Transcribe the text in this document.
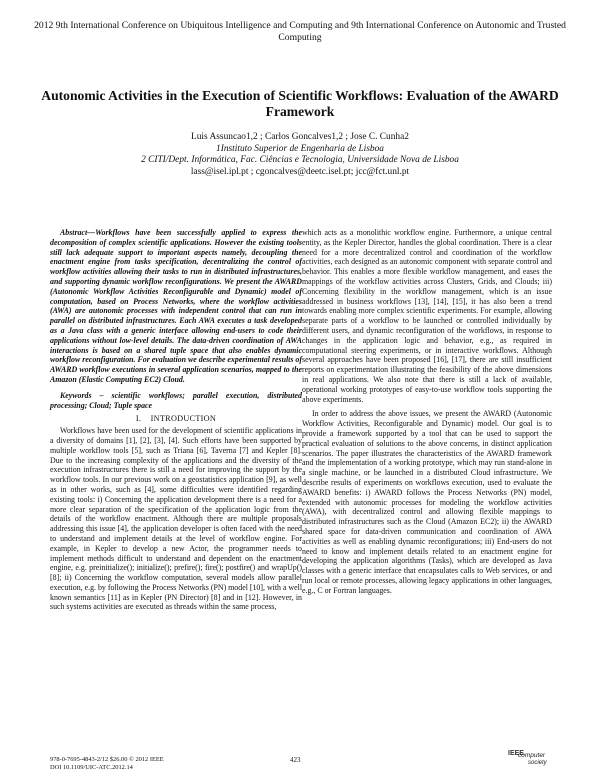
2012 9th International Conference on Ubiquitous Intelligence and Computing and 9th International Conference on Autonomic and Trusted Computing
Autonomic Activities in the Execution of Scientific Workflows: Evaluation of the AWARD Framework
Luis Assuncao1,2 ; Carlos Goncalves1,2 ; Jose C. Cunha2
1Instituto Superior de Engenharia de Lisboa
2 CITI/Dept. Informática, Fac. Ciências e Tecnologia, Universidade Nova de Lisboa
lass@isel.ipl.pt ; cgoncalves@deetc.isel.pt; jcc@fct.unl.pt

Abstract—Workflows have been successfully applied to express the decomposition of complex scientific applications. However the existing tools still lack adequate support to important aspects namely, decoupling the enactment engine from tasks specification, decentralizing the control of workflow activities allowing their tasks to run in distributed infrastructures, and supporting dynamic workflow reconfigurations. We present the AWARD (Autonomic Workflow Activities Reconfigurable and Dynamic) model of computation, based on Process Networks, where the workflow activities (AWA) are autonomic processes with independent control that can run in parallel on distributed infrastructures. Each AWA executes a task developed as a Java class with a generic interface allowing end-users to code their applications without low-level details. The data-driven coordination of AWA interactions is based on a shared tuple space that also enables dynamic workflow reconfiguration. For evaluation we describe experimental results of AWARD workflow executions in several application scenarios, mapped to the Amazon (Elastic Computing EC2) Cloud.

Keywords – scientific workflows; parallel execution, distributed processing; Cloud; Tuple space

I. INTRODUCTION

Workflows have been used for the development of scientific applications in a diversity of domains [1], [2], [3], [4]. Such efforts have been supported by multiple workflow tools [5], such as Triana [6], Taverna [7] and Kepler [8]. Due to the increasing complexity of the applications and the diversity of the execution infrastructures there is still a need for improving the support by the workflow tools. In our previous work on a geostatistics application [9], as well as in other works, such as [4], some difficulties were identified regarding existing tools: i) Concerning the application development there is a need for a more clear separation of the specification of the application logic from the details of the workflow enactment. Although there are multiple proposals addressing this issue [4], the application developer is often faced with the need to understand and implement details at the level of workflow engine. For example, in Kepler to develop a new Actor, the programmer needs to implement methods difficult to understand and dependent on the enactment engine, e.g. preinitialize(); initialize(); prefire(); fire(); postfire() and wrapUp() [8]; ii) Concerning the workflow computation, several models allow parallel execution, e.g. by following the Process Networks (PN) model [10], with a well known semantics [11] as in Kepler (PN Director) [8] and in [12]. However, in such systems activities are executed as threads within the same process,

which acts as a monolithic workflow engine. Furthermore, a unique central entity, as the Kepler Director, handles the global coordination. There is a clear need for a more decentralized control and coordination of the workflow activities, each designed as an autonomic component with separate control and behavior. This enables a more flexible workflow management, and eases the mappings of the workflow activities across Clusters, Grids, and Clouds; iii) Concerning flexibility in the workflow management, which is an issue addressed in business workflows [13], [14], [15], it has also been a trend towards enabling more complex scientific experiments. For example, allowing separate parts of a workflow to be launched or controlled individually by different users, and dynamic reconfiguration of the workflows, in response to changes in the application logic and behavior, e.g., as required in computational steering experiments, or in interactive workflows. Although several approaches have been proposed [16], [17], there are still insufficient reports on experimentation illustrating the feasibility of the above dimensions in real applications. We also note that there is still a lack of available, operational working prototypes of easy-to-use workflow tools supporting the above experiments.

In order to address the above issues, we present the AWARD (Autonomic Workflow Activities, Reconfigurable and Dynamic) model. Our goal is to provide a framework supported by a tool that can be used to support the practical evaluation of solutions to the above concerns, in distinct application scenarios. The paper illustrates the characteristics of the AWARD framework and the implementation of a working prototype, which may run stand-alone in a single machine, or be launched in a distributed Cloud infrastructure. We describe results of experiments on workflows execution, used to evaluate the AWARD benefits: i) AWARD follows the Process Networks (PN) model, extended with autonomic processes for modeling the workflow activities (AWA), with decentralized control and allowing flexible mappings to distributed infrastructures such as the Cloud (Amazon EC2); ii) the AWARD shared space for data-driven communication and coordination of AWA activities as well as enabling dynamic reconfigurations; iii) End-users do not need to know and implement details related to an enactment engine for developing the application algorithms (Tasks), which are developed as Java classes with a generic interface that encapsulates calls to Web services, or and run local or remote processes, allowing legacy applications in other languages, e.g., C or Fortran languages.

978-0-7695-4843-2/12 $26.00 © 2012 IEEE
DOI 10.1109/UIC-ATC.2012.14
423
IEEE
computer
society
